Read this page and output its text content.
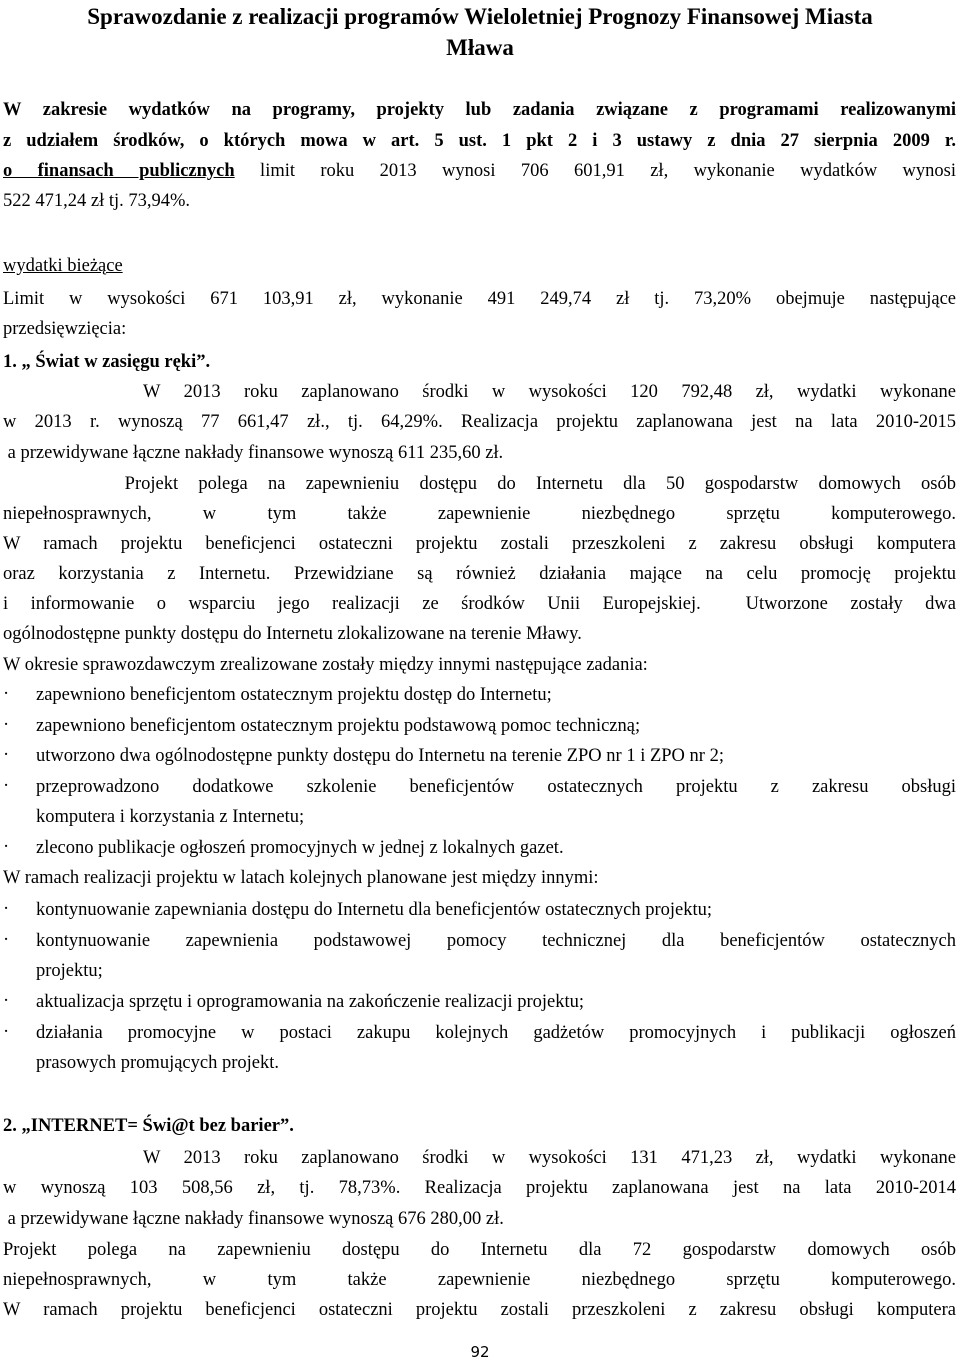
Sprawozdanie z realizacji programów Wieloletniej Prognozy Finansowej Miasta
Mława
W zakresie wydatków na programy, projekty lub zadania związane z programami realizowanymi
z udziałem środków, o których mowa w art. 5 ust. 1 pkt 2 i 3 ustawy z dnia 27 sierpnia 2009 r.
o finansach publicznych limit roku 2013 wynosi 706 601,91 zł, wykonanie wydatków wynosi
522 471,24 zł tj. 73,94%.
wydatki bieżące
Limit w wysokości 671 103,91 zł, wykonanie 491 249,74 zł tj. 73,20% obejmuje następujące
przedsięwzięcia:
1. „ Świat w zasięgu ręki”.
W 2013 roku zaplanowano środki w wysokości 120 792,48 zł, wydatki wykonane
w 2013 r. wynoszą 77 661,47 zł., tj. 64,29%. Realizacja projektu zaplanowana jest na lata 2010-2015
a przewidywane łączne nakłady finansowe wynoszą 611 235,60 zł.
Projekt polega na zapewnieniu dostępu do Internetu dla 50 gospodarstw domowych osób
niepełnosprawnych, w tym także zapewnienie niezbędnego sprzętu komputerowego.
W ramach projektu beneficjenci ostateczni projektu zostali przeszkoleni z zakresu obsługi komputera
oraz korzystania z Internetu. Przewidziane są również działania mające na celu promocję projektu
i informowanie o wsparciu jego realizacji ze środków Unii Europejskiej.  Utworzone zostały dwa
ogólnodostępne punkty dostępu do Internetu zlokalizowane na terenie Mławy.
W okresie sprawozdawczym zrealizowane zostały między innymi następujące zadania:
· zapewniono beneficjentom ostatecznym projektu dostęp do Internetu;
· zapewniono beneficjentom ostatecznym projektu podstawową pomoc techniczną;
· utworzono dwa ogólnodostępne punkty dostępu do Internetu na terenie ZPO nr 1 i ZPO nr 2;
· przeprowadzono dodatkowe szkolenie beneficjentów ostatecznych projektu z zakresu obsługi
komputera i korzystania z Internetu;
· zlecono publikacje ogłoszeń promocyjnych w jednej z lokalnych gazet.
W ramach realizacji projektu w latach kolejnych planowane jest między innymi:
· kontynuowanie zapewniania dostępu do Internetu dla beneficjentów ostatecznych projektu;
· kontynuowanie zapewnienia podstawowej pomocy technicznej dla beneficjentów ostatecznych
projektu;
· aktualizacja sprzętu i oprogramowania na zakończenie realizacji projektu;
· działania promocyjne w postaci zakupu kolejnych gadżetów promocyjnych i publikacji ogłoszeń
prasowych promujących projekt.
2. „INTERNET= Świ@t bez barier”.
W 2013 roku zaplanowano środki w wysokości 131 471,23 zł, wydatki wykonane
w wynoszą 103 508,56 zł, tj. 78,73%. Realizacja projektu zaplanowana jest na lata 2010-2014
a przewidywane łączne nakłady finansowe wynoszą 676 280,00 zł.
Projekt polega na zapewnieniu dostępu do Internetu dla 72 gospodarstw domowych osób
niepełnosprawnych, w tym także zapewnienie niezbędnego sprzętu komputerowego.
W ramach projektu beneficjenci ostateczni projektu zostali przeszkoleni z zakresu obsługi komputera
92
